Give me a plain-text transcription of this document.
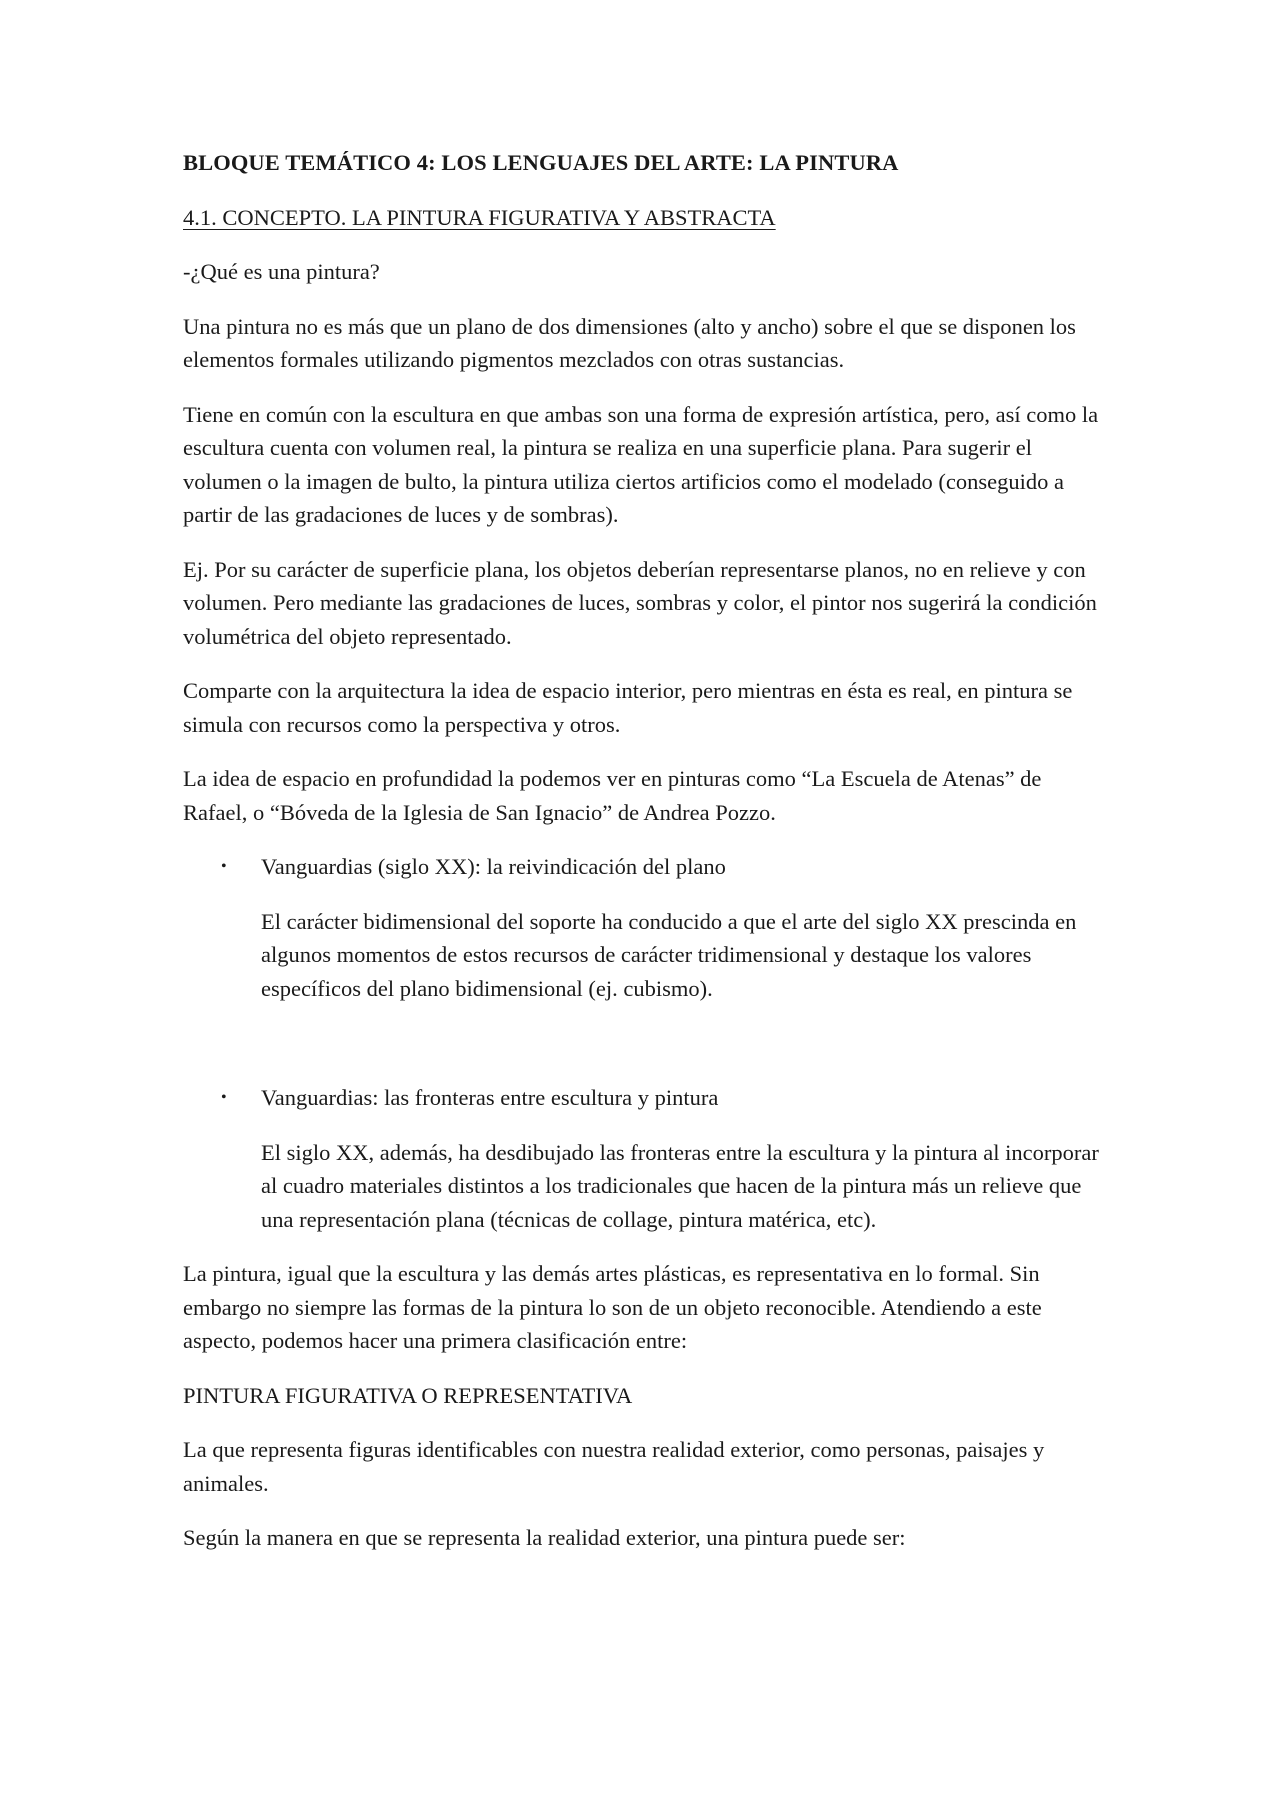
BLOQUE TEMÁTICO 4: LOS LENGUAJES DEL ARTE: LA PINTURA

4.1. CONCEPTO. LA PINTURA FIGURATIVA Y ABSTRACTA

-¿Qué es una pintura?

Una pintura no es más que un plano de dos dimensiones (alto y ancho) sobre el que se disponen los elementos formales utilizando pigmentos mezclados con otras sustancias.

Tiene en común con la escultura en que ambas son una forma de expresión artística, pero, así como la escultura cuenta con volumen real, la pintura se realiza en una superficie plana. Para sugerir el volumen o la imagen de bulto, la pintura utiliza ciertos artificios como el modelado (conseguido a partir de las gradaciones de luces y de sombras).

Ej. Por su carácter de superficie plana, los objetos deberían representarse planos, no en relieve y con volumen. Pero mediante las gradaciones de luces, sombras y color, el pintor nos sugerirá la condición volumétrica del objeto representado.

Comparte con la arquitectura la idea de espacio interior, pero mientras en ésta es real, en pintura se simula con recursos como la perspectiva y otros.

La idea de espacio en profundidad la podemos ver en pinturas como “La Escuela de Atenas” de Rafael, o “Bóveda de la Iglesia de San Ignacio” de Andrea Pozzo.

• Vanguardias (siglo XX): la reivindicación del plano

El carácter bidimensional del soporte ha conducido a que el arte del siglo XX prescinda en algunos momentos de estos recursos de carácter tridimensional y destaque los valores específicos del plano bidimensional (ej. cubismo).

• Vanguardias: las fronteras entre escultura y pintura

El siglo XX, además, ha desdibujado las fronteras entre la escultura y la pintura al incorporar al cuadro materiales distintos a los tradicionales que hacen de la pintura más un relieve que una representación plana (técnicas de collage, pintura matérica, etc).

La pintura, igual que la escultura y las demás artes plásticas, es representativa en lo formal. Sin embargo no siempre las formas de la pintura lo son de un objeto reconocible. Atendiendo a este aspecto, podemos hacer una primera clasificación entre:

PINTURA FIGURATIVA O REPRESENTATIVA

La que representa figuras identificables con nuestra realidad exterior, como personas, paisajes y animales.

Según la manera en que se representa la realidad exterior, una pintura puede ser:
